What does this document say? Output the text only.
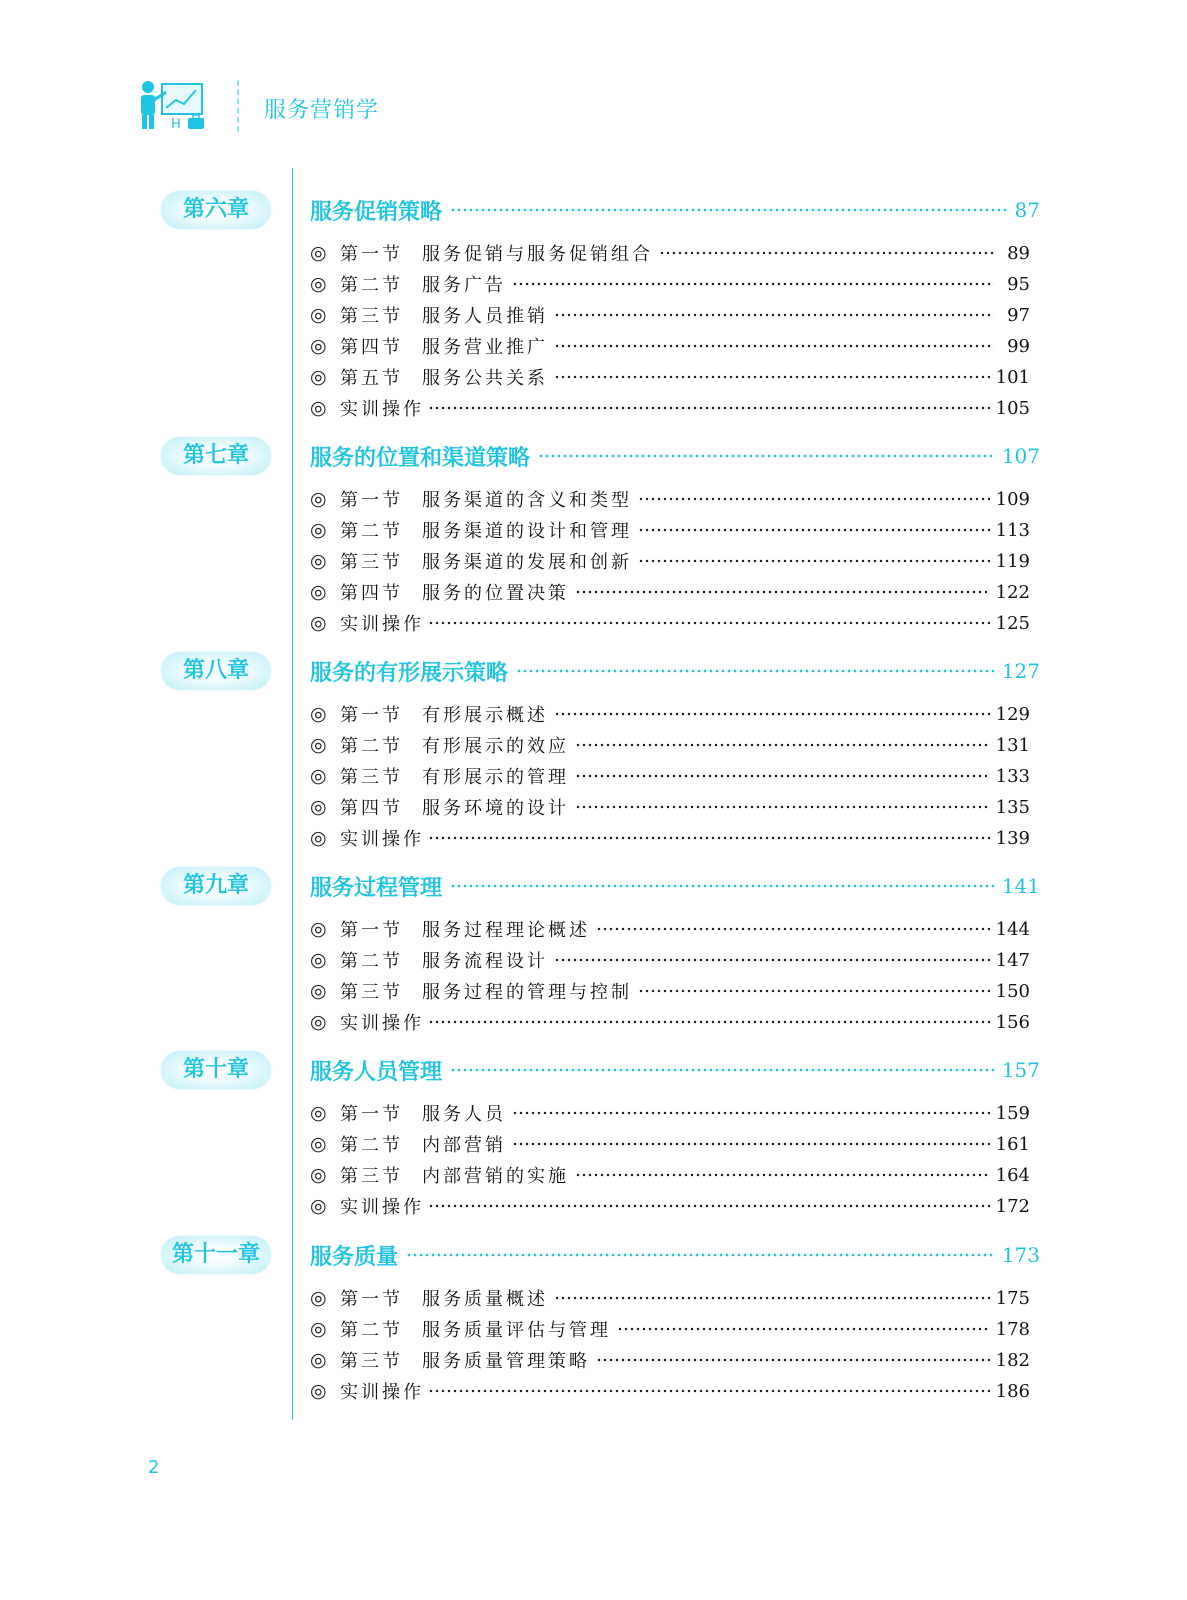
H
服务营销学
第六章	服务促销策略	87
◎ 第一节	服务促销与服务促销组合	89
◎ 第二节	服务广告	95
◎ 第三节	服务人员推销	97
◎ 第四节	服务营业推广	99
◎ 第五节	服务公共关系	101
◎ 实训操作	105
第七章	服务的位置和渠道策略	107
◎ 第一节	服务渠道的含义和类型	109
◎ 第二节	服务渠道的设计和管理	113
◎ 第三节	服务渠道的发展和创新	119
◎ 第四节	服务的位置决策	122
◎ 实训操作	125
第八章	服务的有形展示策略	127
◎ 第一节	有形展示概述	129
◎ 第二节	有形展示的效应	131
◎ 第三节	有形展示的管理	133
◎ 第四节	服务环境的设计	135
◎ 实训操作	139
第九章	服务过程管理	141
◎ 第一节	服务过程理论概述	144
◎ 第二节	服务流程设计	147
◎ 第三节	服务过程的管理与控制	150
◎ 实训操作	156
第十章	服务人员管理	157
◎ 第一节	服务人员	159
◎ 第二节	内部营销	161
◎ 第三节	内部营销的实施	164
◎ 实训操作	172
第十一章	服务质量	173
◎ 第一节	服务质量概述	175
◎ 第二节	服务质量评估与管理	178
◎ 第三节	服务质量管理策略	182
◎ 实训操作	186
2
